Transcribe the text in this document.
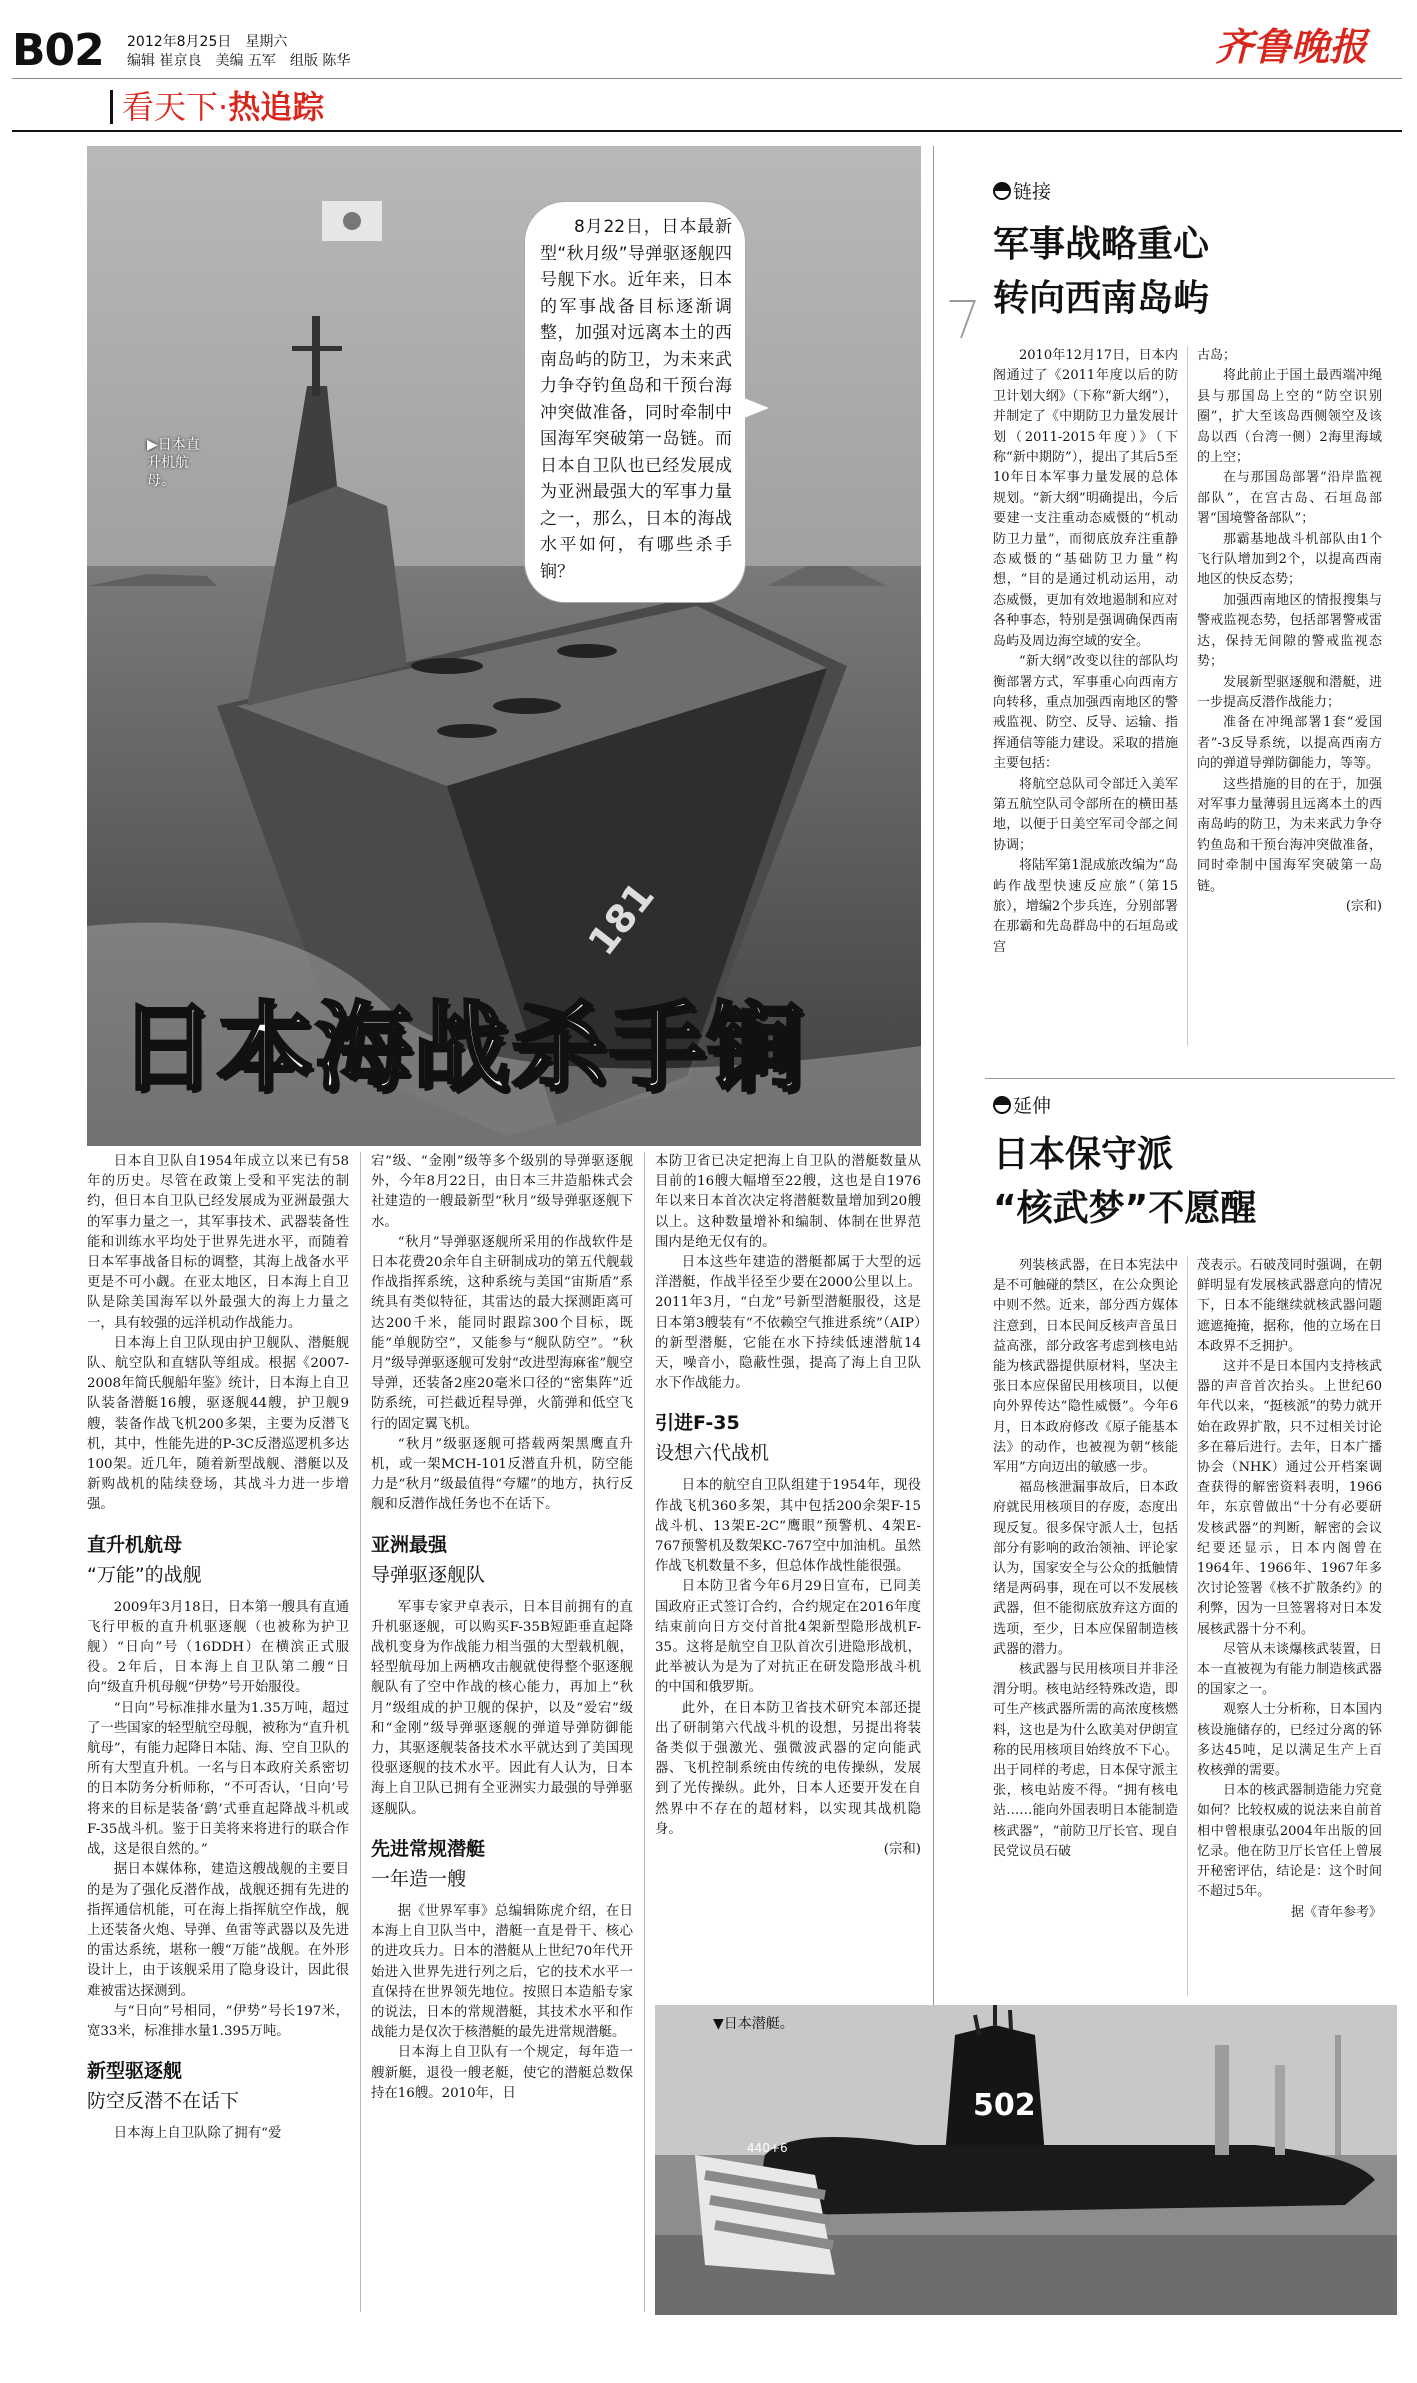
B02 2012年8月25日　 星期六
编辑 崔京良　美编 五军　组版 陈华
看天下·热追踪
齐鲁晚报
181
▶日本直升机航母。
8月22日，日本最新型“秋月级”导弹驱逐舰四号舰下水。近年来，日本的军事战备目标逐渐调整，加强对远离本土的西南岛屿的防卫，为未来武力争夺钓鱼岛和干预台海冲突做准备，同时牵制中国海军突破第一岛链。而日本自卫队也已经发展成为亚洲最强大的军事力量之一，那么，日本的海战水平如何，有哪些杀手锏？
日本海战杀手锏

日本自卫队自1954年成立以来已有58年的历史。尽管在政策上受和平宪法的制约，但日本自卫队已经发展成为亚洲最强大的军事力量之一，其军事技术、武器装备性能和训练水平均处于世界先进水平，而随着日本军事战备目标的调整，其海上战备水平更是不可小觑。在亚太地区，日本海上自卫队是除美国海军以外最强大的海上力量之一，具有较强的远洋机动作战能力。

日本海上自卫队现由护卫舰队、潜艇舰队、航空队和直辖队等组成。根据《2007-2008年简氏舰船年鉴》统计，日本海上自卫队装备潜艇16艘，驱逐舰44艘，护卫舰9艘，装备作战飞机200多架，主要为反潜飞机，其中，性能先进的P-3C反潜巡逻机多达100架。近几年，随着新型战舰、潜艇以及新购战机的陆续登场，其战斗力进一步增强。

直升机航母
“万能”的战舰

2009年3月18日，日本第一艘具有直通飞行甲板的直升机驱逐舰（也被称为护卫舰）“日向”号（16DDH）在横滨正式服役。2年后，日本海上自卫队第二艘“日向”级直升机母舰“伊势”号开始服役。

“日向”号标准排水量为1.35万吨，超过了一些国家的轻型航空母舰，被称为“直升机航母”，有能力起降日本陆、海、空自卫队的所有大型直升机。一名与日本政府关系密切的日本防务分析师称，“不可否认，‘日向’号将来的目标是装备‘鹞’式垂直起降战斗机或F-35战斗机。鉴于日美将来将进行的联合作战，这是很自然的。”

据日本媒体称，建造这艘战舰的主要目的是为了强化反潜作战，战舰还拥有先进的指挥通信机能，可在海上指挥航空作战，舰上还装备火炮、导弹、鱼雷等武器以及先进的雷达系统，堪称一艘“万能”战舰。在外形设计上，由于该舰采用了隐身设计，因此很难被雷达探测到。

与“日向”号相同，“伊势”号长197米，宽33米，标准排水量1.395万吨。

新型驱逐舰
防空反潜不在话下

日本海上自卫队除了拥有“爱

宕”级、“金刚”级等多个级别的导弹驱逐舰外，今年8月22日，由日本三井造船株式会社建造的一艘最新型“秋月”级导弹驱逐舰下水。

“秋月”导弹驱逐舰所采用的作战软件是日本花费20余年自主研制成功的第五代舰载作战指挥系统，这种系统与美国“宙斯盾”系统具有类似特征，其雷达的最大探测距离可达200千米，能同时跟踪300个目标，既能“单舰防空”，又能参与“舰队防空”。“秋月”级导弹驱逐舰可发射“改进型海麻雀”舰空导弹，还装备2座20毫米口径的“密集阵”近防系统，可拦截近程导弹，火箭弹和低空飞行的固定翼飞机。

“秋月”级驱逐舰可搭载两架黑鹰直升机，或一架MCH-101反潜直升机，防空能力是“秋月”级最值得“夸耀”的地方，执行反舰和反潜作战任务也不在话下。

亚洲最强
导弹驱逐舰队

军事专家尹卓表示，日本目前拥有的直升机驱逐舰，可以购买F-35B短距垂直起降战机变身为作战能力相当强的大型载机舰，轻型航母加上两栖攻击舰就使得整个驱逐舰舰队有了空中作战的核心能力，再加上“秋月”级组成的护卫舰的保护，以及“爱宕”级和“金刚”级导弹驱逐舰的弹道导弹防御能力，其驱逐舰装备技术水平就达到了美国现役驱逐舰的技术水平。因此有人认为，日本海上自卫队已拥有全亚洲实力最强的导弹驱逐舰队。

先进常规潜艇
一年造一艘

据《世界军事》总编辑陈虎介绍，在日本海上自卫队当中，潜艇一直是骨干、核心的进攻兵力。日本的潜艇从上世纪70年代开始进入世界先进行列之后，它的技术水平一直保持在世界领先地位。按照日本造船专家的说法，日本的常规潜艇，其技术水平和作战能力是仅次于核潜艇的最先进常规潜艇。

日本海上自卫队有一个规定，每年造一艘新艇，退役一艘老艇，使它的潜艇总数保持在16艘。2010年，日

本防卫省已决定把海上自卫队的潜艇数量从目前的16艘大幅增至22艘，这也是自1976年以来日本首次决定将潜艇数量增加到20艘以上。这种数量增补和编制、体制在世界范围内是绝无仅有的。

日本这些年建造的潜艇都属于大型的远洋潜艇，作战半径至少要在2000公里以上。2011年3月，“白龙”号新型潜艇服役，这是日本第3艘装有“不依赖空气推进系统”（AIP）的新型潜艇，它能在水下持续低速潜航14天，噪音小，隐蔽性强，提高了海上自卫队水下作战能力。

引进F-35
设想六代战机

日本的航空自卫队组建于1954年，现役作战飞机360多架，其中包括200余架F-15战斗机、13架E-2C“鹰眼”预警机、4架E-767预警机及数架KC-767空中加油机。虽然作战飞机数量不多，但总体作战性能很强。

日本防卫省今年6月29日宣布，已同美国政府正式签订合约，合约规定在2016年度结束前向日方交付首批4架新型隐形战机F-35。这将是航空自卫队首次引进隐形战机，此举被认为是为了对抗正在研发隐形战斗机的中国和俄罗斯。

此外，在日本防卫省技术研究本部还提出了研制第六代战斗机的设想，另提出将装备类似于强激光、强微波武器的定向能武器、飞机控制系统由传统的电传操纵，发展到了光传操纵。此外，日本人还要开发在自然界中不存在的超材料，以实现其战机隐身。

(宗和)
502
440+6
▼日本潜艇。
链接
军事战略重心
转向西南岛屿

2010年12月17日，日本内阁通过了《2011年度以后的防卫计划大纲》（下称“新大纲”），并制定了《中期防卫力量发展计划（2011-2015年度）》（下称“新中期防”），提出了其后5至10年日本军事力量发展的总体规划。“新大纲”明确提出，今后要建一支注重动态威慑的“机动防卫力量”，而彻底放弃注重静态威慑的“基础防卫力量”构想，“目的是通过机动运用，动态威慑，更加有效地遏制和应对各种事态，特别是强调确保西南岛屿及周边海空域的安全。

“新大纲”改变以往的部队均衡部署方式，军事重心向西南方向转移，重点加强西南地区的警戒监视、防空、反导、运输、指挥通信等能力建设。采取的措施主要包括：

将航空总队司令部迁入美军第五航空队司令部所在的横田基地，以便于日美空军司令部之间协调；

将陆军第1混成旅改编为“岛屿作战型快速反应旅”（第15旅），增编2个步兵连，分别部署在那霸和先岛群岛中的石垣岛或宫

古岛；

将此前止于国土最西端冲绳县与那国岛上空的“防空识别圈”，扩大至该岛西侧领空及该岛以西（台湾一侧）2海里海域的上空；

在与那国岛部署“沿岸监视部队”，在宫古岛、石垣岛部署“国境警备部队”；

那霸基地战斗机部队由1个飞行队增加到2个，以提高西南地区的快反态势；

加强西南地区的情报搜集与警戒监视态势，包括部署警戒雷达，保持无间隙的警戒监视态势；

发展新型驱逐舰和潜艇，进一步提高反潜作战能力；

准备在冲绳部署1套“爱国者”-3反导系统，以提高西南方向的弹道导弹防御能力，等等。

这些措施的目的在于，加强对军事力量薄弱且远离本土的西南岛屿的防卫，为未来武力争夺钓鱼岛和干预台海冲突做准备，同时牵制中国海军突破第一岛链。

(宗和)
延伸
日本保守派
“核武梦”不愿醒

列装核武器，在日本宪法中是不可触碰的禁区，在公众舆论中则不然。近来，部分西方媒体注意到，日本民间反核声音虽日益高涨，部分政客考虑到核电站能为核武器提供原材料，坚决主张日本应保留民用核项目，以便向外界传达“隐性威慑”。今年6月，日本政府修改《原子能基本法》的动作，也被视为朝“核能军用”方向迈出的敏感一步。

福岛核泄漏事故后，日本政府就民用核项目的存废，态度出现反复。很多保守派人士，包括部分有影响的政治领袖、评论家认为，国家安全与公众的抵触情绪是两码事，现在可以不发展核武器，但不能彻底放弃这方面的选项，至少，日本应保留制造核武器的潜力。

核武器与民用核项目并非泾渭分明。核电站经特殊改造，即可生产核武器所需的高浓度核燃料，这也是为什么欧美对伊朗宣称的民用核项目始终放不下心。出于同样的考虑，日本保守派主张，核电站废不得。“拥有核电站……能向外国表明日本能制造核武器”，“前防卫厅长官、现自民党议员石破

茂表示。石破茂同时强调，在朝鲜明显有发展核武器意向的情况下，日本不能继续就核武器问题遮遮掩掩，据称，他的立场在日本政界不乏拥护。

这并不是日本国内支持核武器的声音首次抬头。上世纪60年代以来，“挺核派”的势力就开始在政界扩散，只不过相关讨论多在幕后进行。去年，日本广播协会（NHK）通过公开档案调查获得的解密资料表明，1966年，东京曾做出“十分有必要研发核武器”的判断，解密的会议纪要还显示，日本内阁曾在1964年、1966年、1967年多次讨论签署《核不扩散条约》的利弊，因为一旦签署将对日本发展核武器十分不利。

尽管从未谈爆核武装置，日本一直被视为有能力制造核武器的国家之一。

观察人士分析称，日本国内核设施储存的，已经过分离的钚多达45吨，足以满足生产上百枚核弹的需要。

日本的核武器制造能力究竟如何？比较权威的说法来自前首相中曾根康弘2004年出版的回忆录。他在防卫厅长官任上曾展开秘密评估，结论是：这个时间不超过5年。

据《青年参考》
